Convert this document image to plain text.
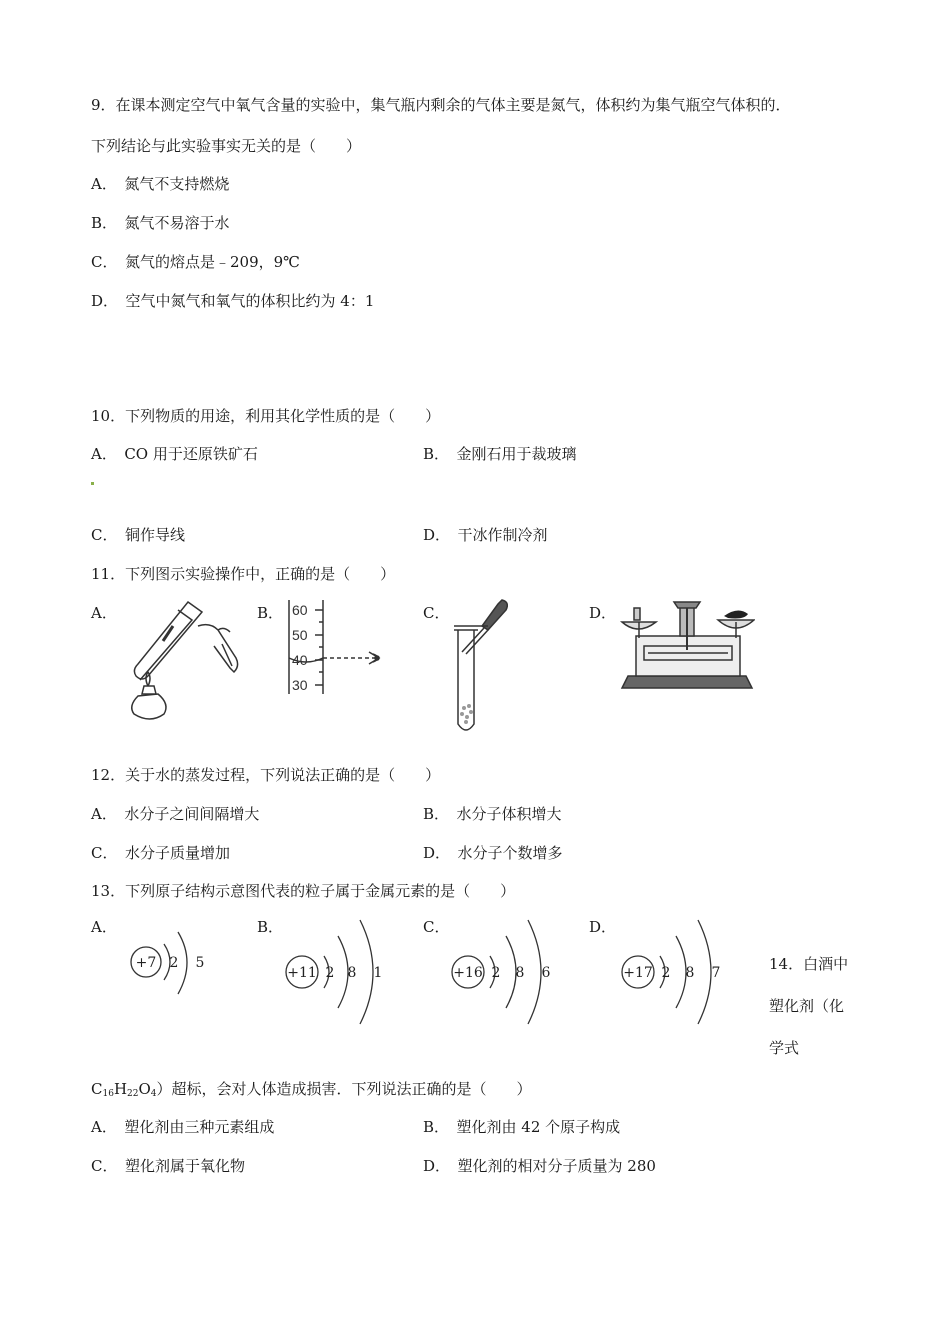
9．在课本测定空气中氧气含量的实验中，集气瓶内剩余的气体主要是氮气，体积约为集气瓶空气体积的．
下列结论与此实验事实无关的是（　　）
A．　氮气不支持燃烧
B．　氮气不易溶于水
C．　氮气的熔点是﹣209，9℃
D．　空气中氮气和氧气的体积比约为 4：1
10．下列物质的用途，利用其化学性质的是（　　）
A．　CO 用于还原铁矿石	B．　金刚石用于裁玻璃
C．　铜作导线	D．　干冰作制冷剂
11．下列图示实验操作中，正确的是（　　）
A．	B．	C．	D．
60
50
40
30
12．关于水的蒸发过程，下列说法正确的是（　　）
A．　水分子之间间隔增大	B．　水分子体积增大
C．　水分子质量增加	D．　水分子个数增多
13．下列原子结构示意图代表的粒子属于金属元素的是（　　）
A．	B．	C．	D．
+7 2 5
+11 2 8 1	+16 2 8 6	+17 2 8 7	14．白酒中
塑化剂（化
学式
$C_{16}H_{22}O_4$）超标，会对人体造成损害．下列说法正确的是（　　）
A．　塑化剂由三种元素组成	B．　塑化剂由 42 个原子构成
C．　塑化剂属于氧化物	D．　塑化剂的相对分子质量为 280
